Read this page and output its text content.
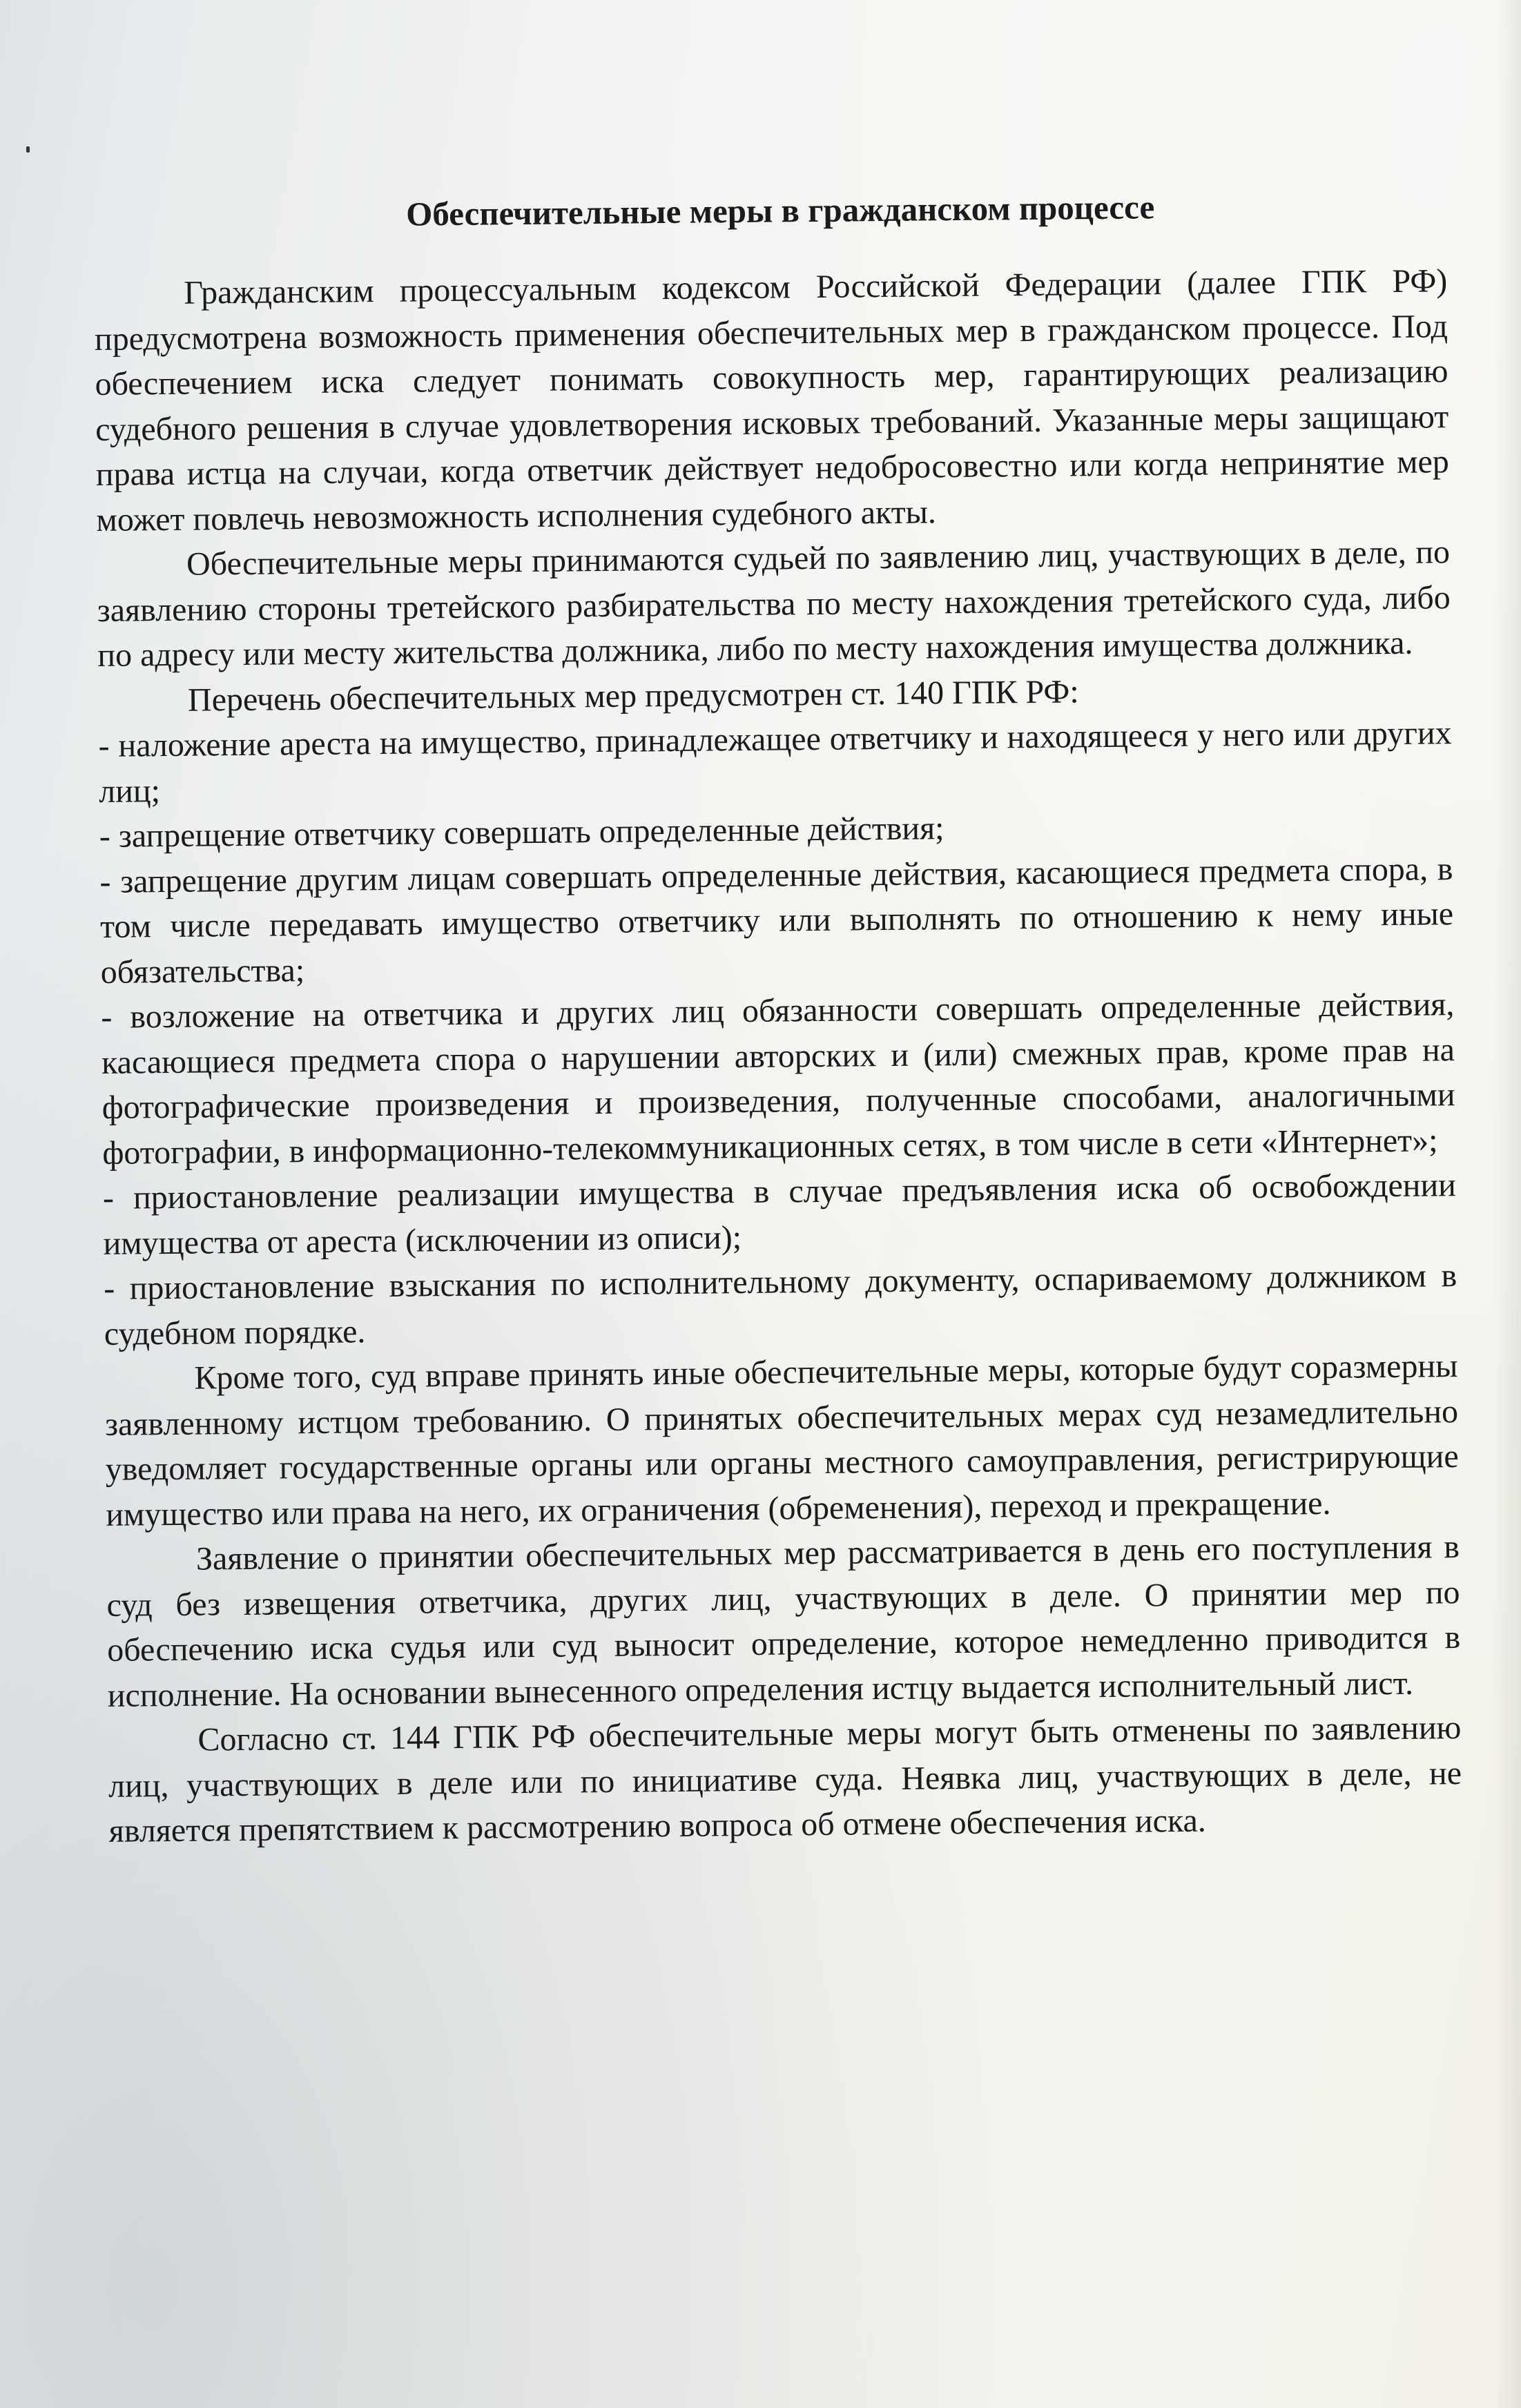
Обеспечительные меры в гражданском процессе

Гражданским процессуальным кодексом Российской Федерации (далее ГПК РФ) предусмотрена возможность применения обеспечительных мер в гражданском процессе. Под обеспечением иска следует понимать совокупность мер, гарантирующих реализацию судебного решения в случае удовлетворения исковых требований. Указанные меры защищают права истца на случаи, когда ответчик действует недобросовестно или когда непринятие мер может повлечь невозможность исполнения судебного акты.

Обеспечительные меры принимаются судьей по заявлению лиц, участвующих в деле, по заявлению стороны третейского разбирательства по месту нахождения третейского суда, либо по адресу или месту жительства должника, либо по месту нахождения имущества должника.

Перечень обеспечительных мер предусмотрен ст. 140 ГПК РФ:

- наложение ареста на имущество, принадлежащее ответчику и находящееся у него или других лиц;

- запрещение ответчику совершать определенные действия;

- запрещение другим лицам совершать определенные действия, касающиеся предмета спора, в том числе передавать имущество ответчику или выполнять по отношению к нему иные обязательства;

- возложение на ответчика и других лиц обязанности совершать определенные действия, касающиеся предмета спора о нарушении авторских и (или) смежных прав, кроме прав на фотографические произведения и произведения, полученные способами, аналогичными фотографии, в информационно-телекоммуникационных сетях, в том числе в сети «Интернет»;

- приостановление реализации имущества в случае предъявления иска об освобождении имущества от ареста (исключении из описи);

- приостановление взыскания по исполнительному документу, оспариваемому должником в судебном порядке.

Кроме того, суд вправе принять иные обеспечительные меры, которые будут соразмерны заявленному истцом требованию. О принятых обеспечительных мерах суд незамедлительно уведомляет государственные органы или органы местного самоуправления, регистрирующие имущество или права на него, их ограничения (обременения), переход и прекращение.

Заявление о принятии обеспечительных мер рассматривается в день его поступления в суд без извещения ответчика, других лиц, участвующих в деле. О принятии мер по обеспечению иска судья или суд выносит определение, которое немедленно приводится в исполнение. На основании вынесенного определения истцу выдается исполнительный лист.

Согласно ст. 144 ГПК РФ обеспечительные меры могут быть отменены по заявлению лиц, участвующих в деле или по инициативе суда. Неявка лиц, участвующих в деле, не является препятствием к рассмотрению вопроса об отмене обеспечения иска.
